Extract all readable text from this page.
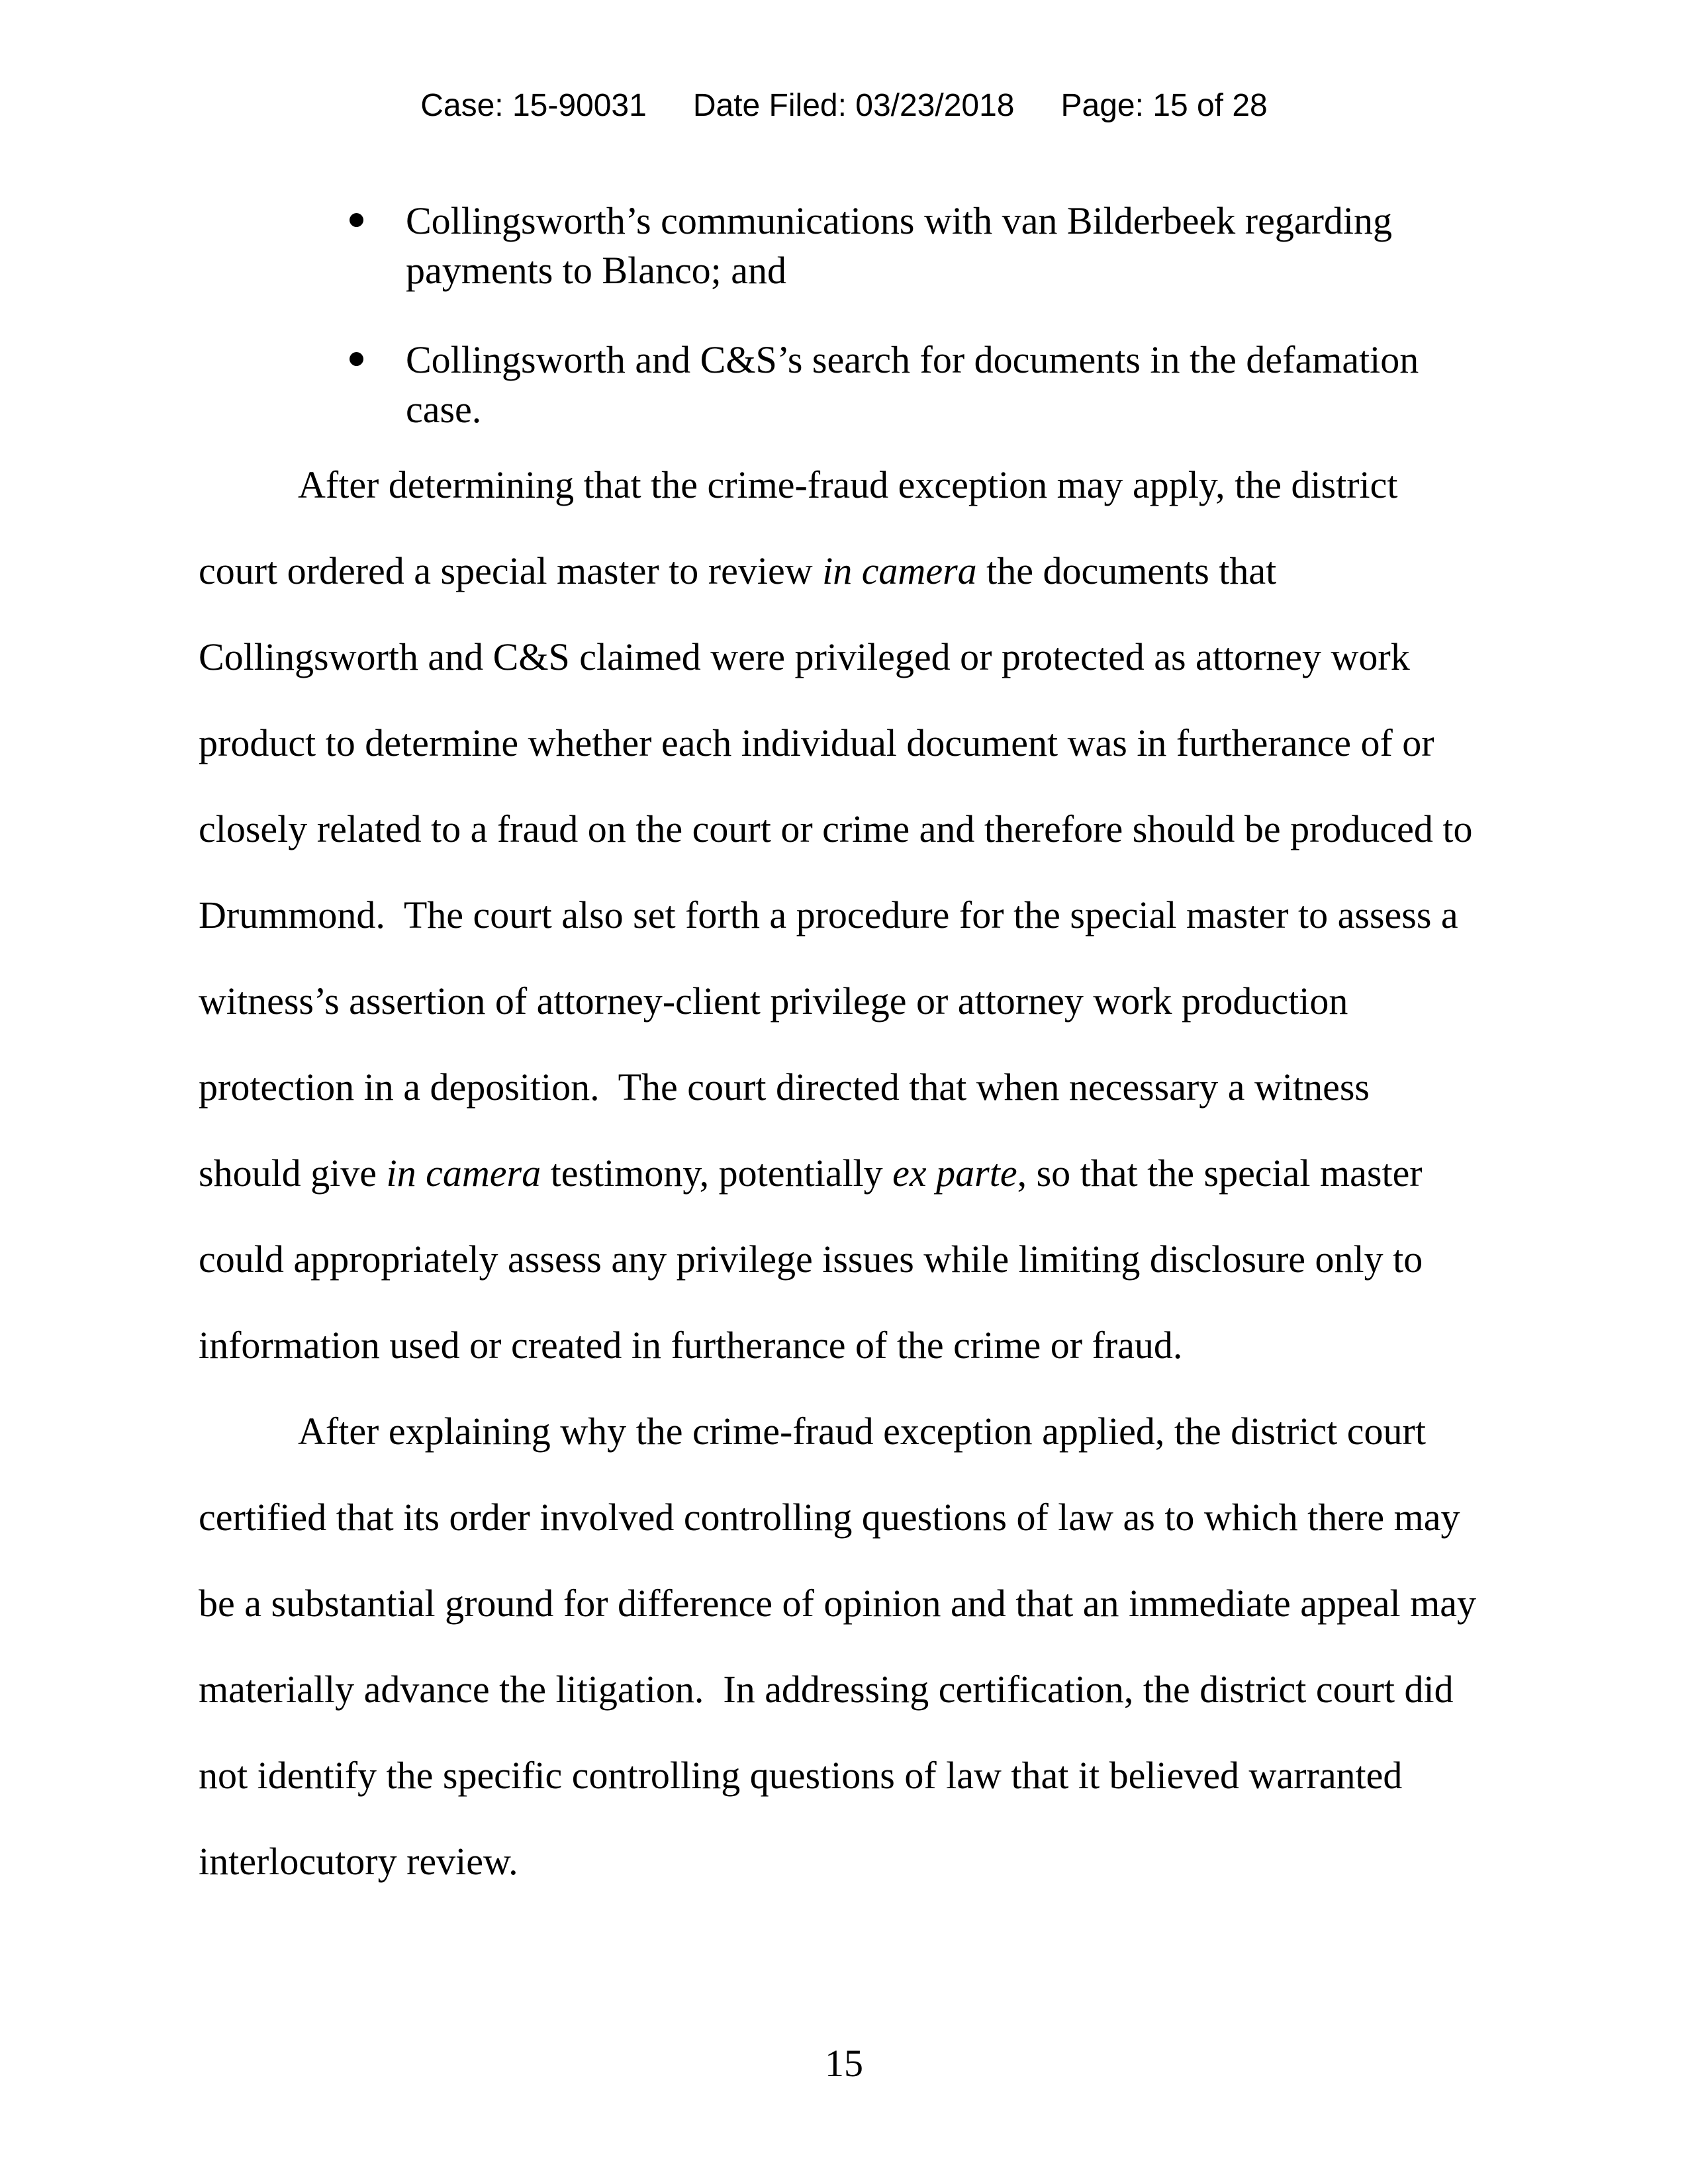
Case: 15-90031 Date Filed: 03/23/2018 Page: 15 of 28
Collingsworth’s communications with van Bilderbeek regarding
payments to Blanco; and
Collingsworth and C&S’s search for documents in the defamation
case.
After determining that the crime-fraud exception may apply, the district
court ordered a special master to review in camera the documents that
Collingsworth and C&S claimed were privileged or protected as attorney work
product to determine whether each individual document was in furtherance of or
closely related to a fraud on the court or crime and therefore should be produced to
Drummond.  The court also set forth a procedure for the special master to assess a
witness’s assertion of attorney-client privilege or attorney work production
protection in a deposition.  The court directed that when necessary a witness
should give in camera testimony, potentially ex parte, so that the special master
could appropriately assess any privilege issues while limiting disclosure only to
information used or created in furtherance of the crime or fraud.
After explaining why the crime-fraud exception applied, the district court
certified that its order involved controlling questions of law as to which there may
be a substantial ground for difference of opinion and that an immediate appeal may
materially advance the litigation.  In addressing certification, the district court did
not identify the specific controlling questions of law that it believed warranted
interlocutory review.
15
